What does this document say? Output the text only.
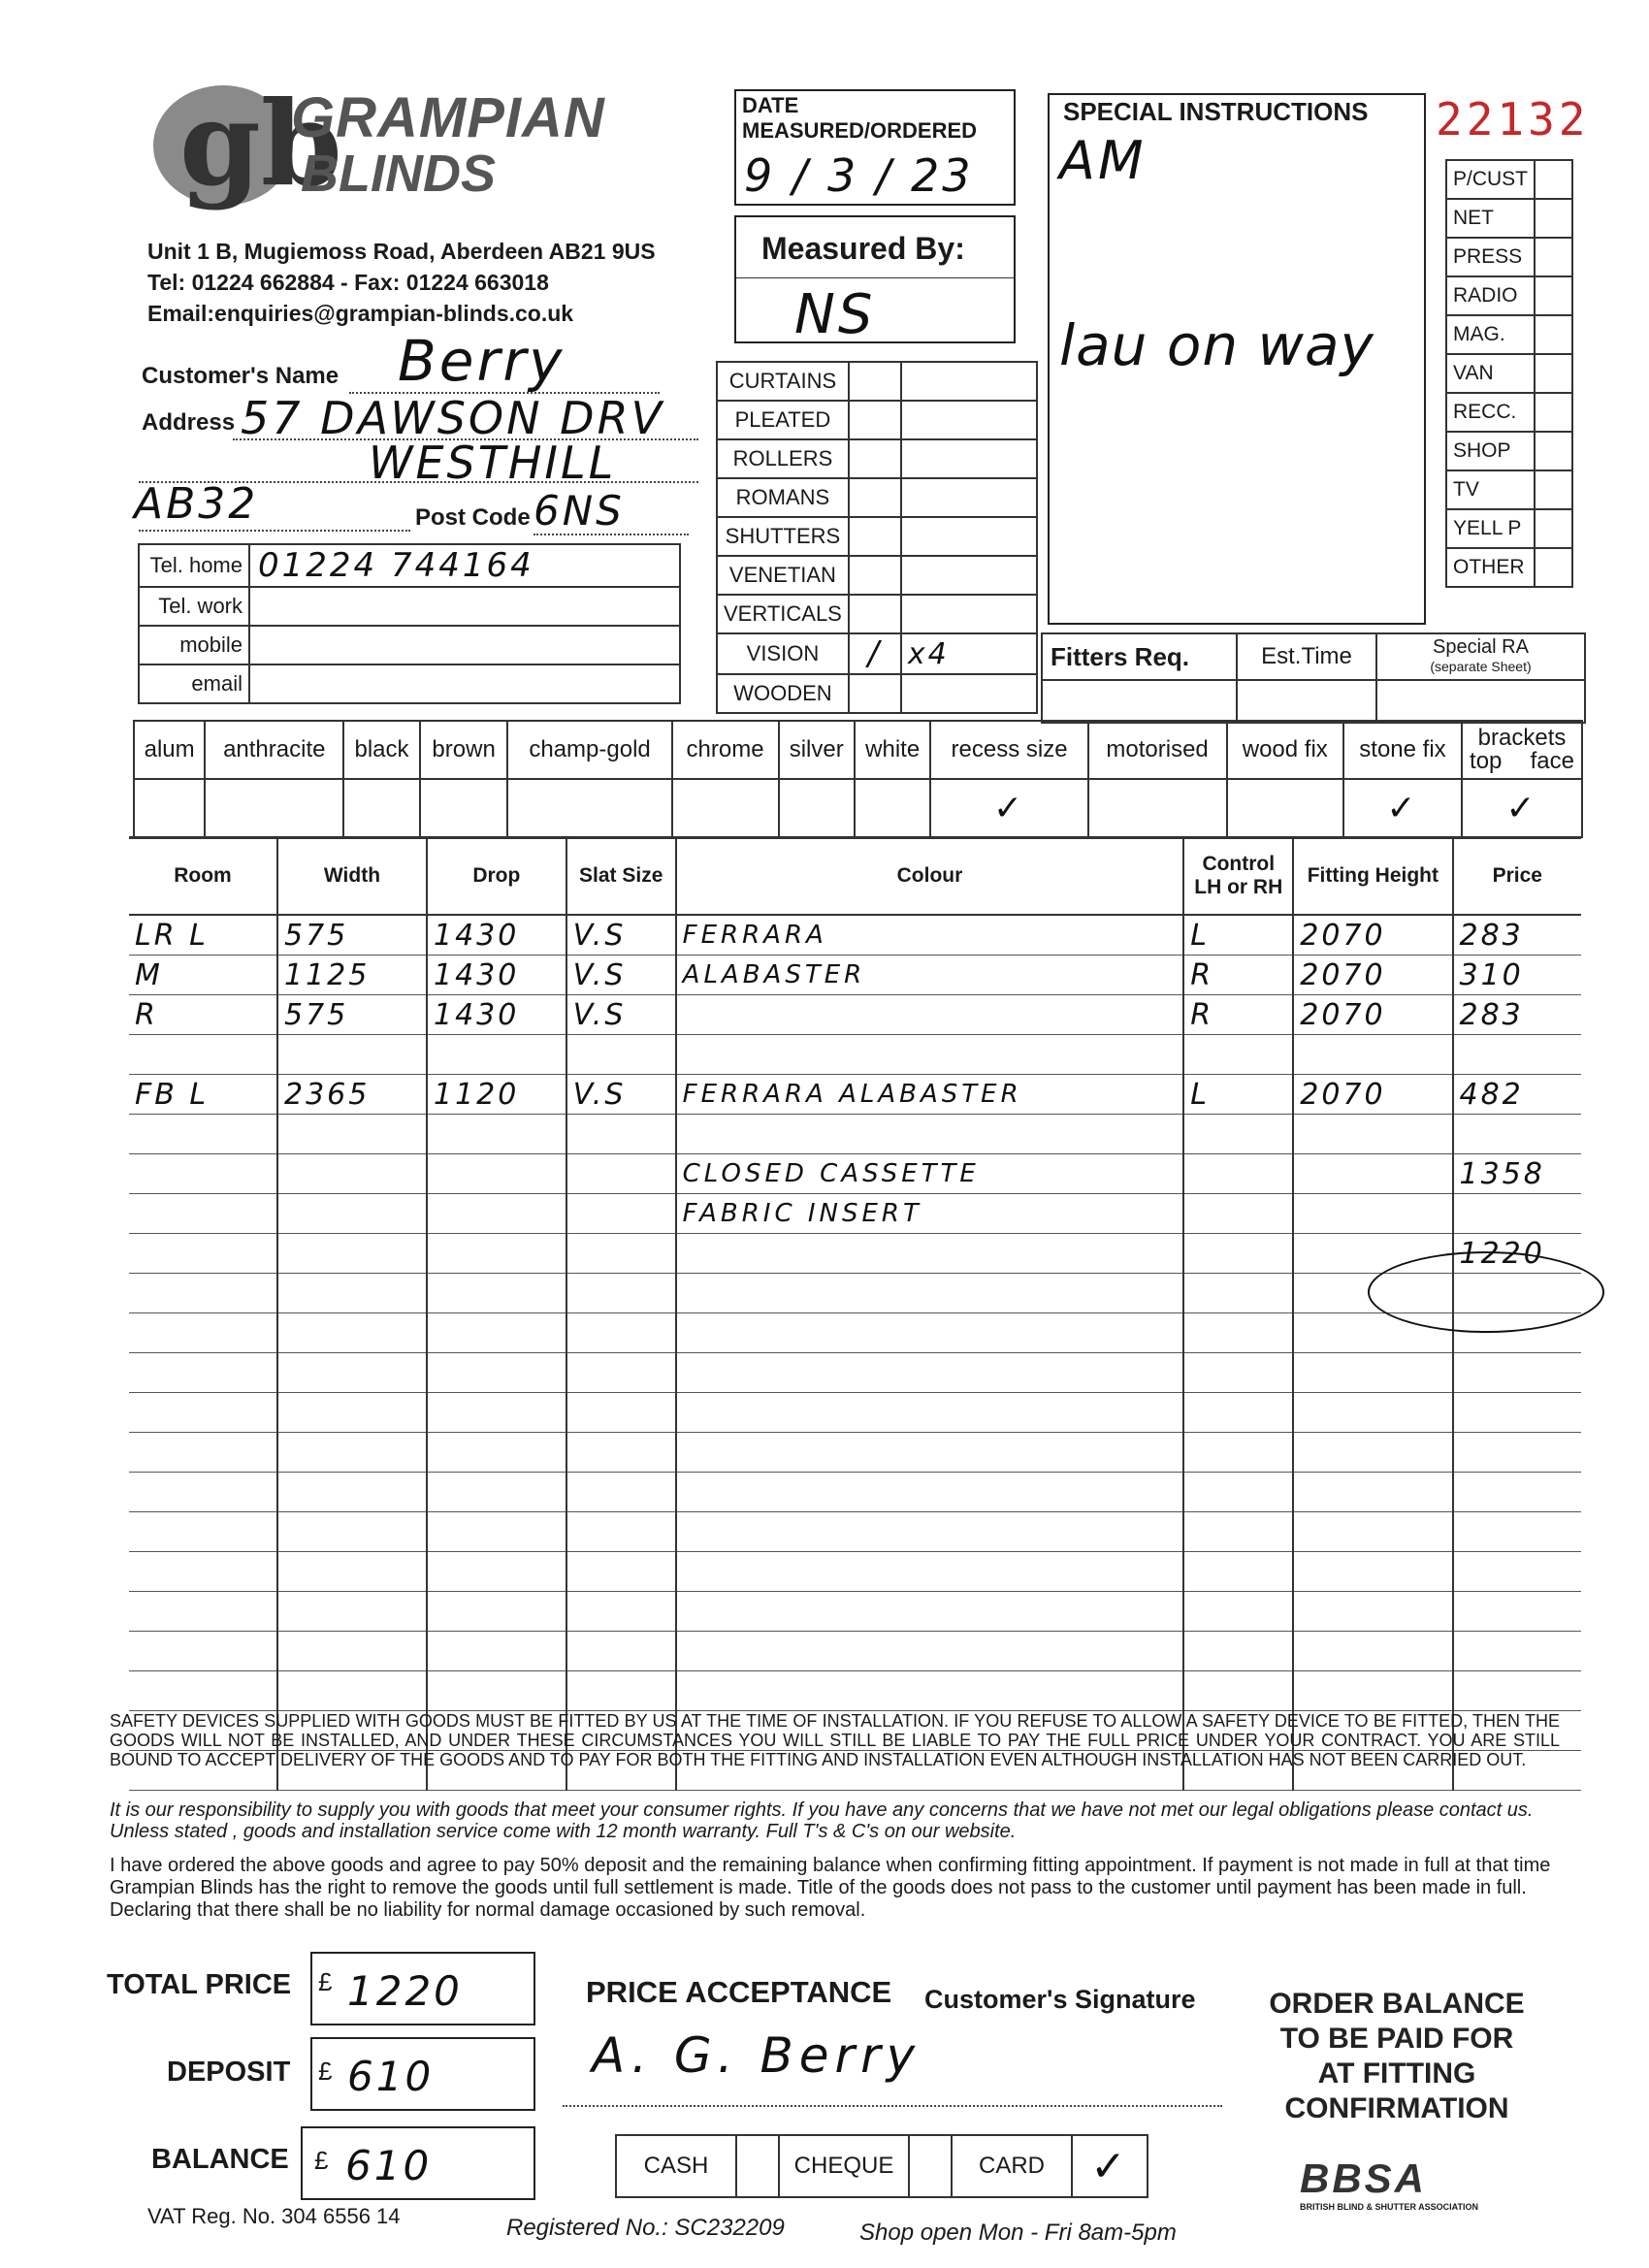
gb
GRAMPIAN
BLINDS
Unit 1 B, Mugiemoss Road, Aberdeen AB21 9US
Tel: 01224 662884 - Fax: 01224 663018
Email:enquiries@grampian-blinds.co.uk
DATE MEASURED/ORDERED
9 / 3 / 23
Measured By:
NS
SPECIAL INSTRUCTIONS
AM
lau on way
22132
P/CUST	
NET	
PRESS	
RADIO	
MAG.	
VAN	
RECC.	
SHOP	
TV	
YELL P	
OTHER	
Customer's Name Berry
Address 57 DAWSON DRV
WESTHILL
AB32	Post Code 6NS
Tel. home	01224 744164
Tel. work	
mobile	
email	
CURTAINS		
PLEATED		
ROLLERS		
ROMANS		
SHUTTERS		
VENETIAN		
VERTICALS		
VISION	/	x4
WOODEN		
Fitters Req.	Est.Time	Special RA
(separate Sheet)

alum	anthracite	black	brown	champ-gold	chrome	silver	white	recess size	motorised	wood fix	stone fix	brackets
top face

								✓			✓	✓
Room	Width	Drop	Slat Size	Colour	Control LH or RH	Fitting Height	Price
LR L	575	1430	V.S	FERRARA	L	2070	283
M	1125	1430	V.S	ALABASTER	R	2070	310
R	575	1430	V.S		R	2070	283

FB L	2365	1120	V.S	FERRARA ALABASTER	L	2070	482

				CLOSED CASSETTE			1358
				FABRIC INSERT			
							1220

SAFETY DEVICES SUPPLIED WITH GOODS MUST BE FITTED BY US AT THE TIME OF INSTALLATION. IF YOU REFUSE TO ALLOW A SAFETY DEVICE TO BE FITTED, THEN THE GOODS WILL NOT BE INSTALLED, AND UNDER THESE CIRCUMSTANCES YOU WILL STILL BE LIABLE TO PAY THE FULL PRICE UNDER YOUR CONTRACT. YOU ARE STILL BOUND TO ACCEPT DELIVERY OF THE GOODS AND TO PAY FOR BOTH THE FITTING AND INSTALLATION EVEN ALTHOUGH INSTALLATION HAS NOT BEEN CARRIED OUT.
It is our responsibility to supply you with goods that meet your consumer rights. If you have any concerns that we have not met our legal obligations please contact us. Unless stated , goods and installation service come with 12 month warranty. Full T's & C's on our website.
I have ordered the above goods and agree to pay 50% deposit and the remaining balance when confirming fitting appointment. If payment is not made in full at that time Grampian Blinds has the right to remove the goods until full settlement is made. Title of the goods does not pass to the customer until payment has been made in full. Declaring that there shall be no liability for normal damage occasioned by such removal.
TOTAL PRICE £ 1220
DEPOSIT £ 610
BALANCE £ 610
PRICE ACCEPTANCE Customer's Signature
A. G. Berry
CASH		CHEQUE		CARD	✓
ORDER BALANCE
TO BE PAID FOR
AT FITTING
CONFIRMATION
BBSA
BRITISH BLIND & SHUTTER ASSOCIATION
VAT Reg. No. 304 6556 14	Registered No.: SC232209	Shop open Mon - Fri 8am-5pm
